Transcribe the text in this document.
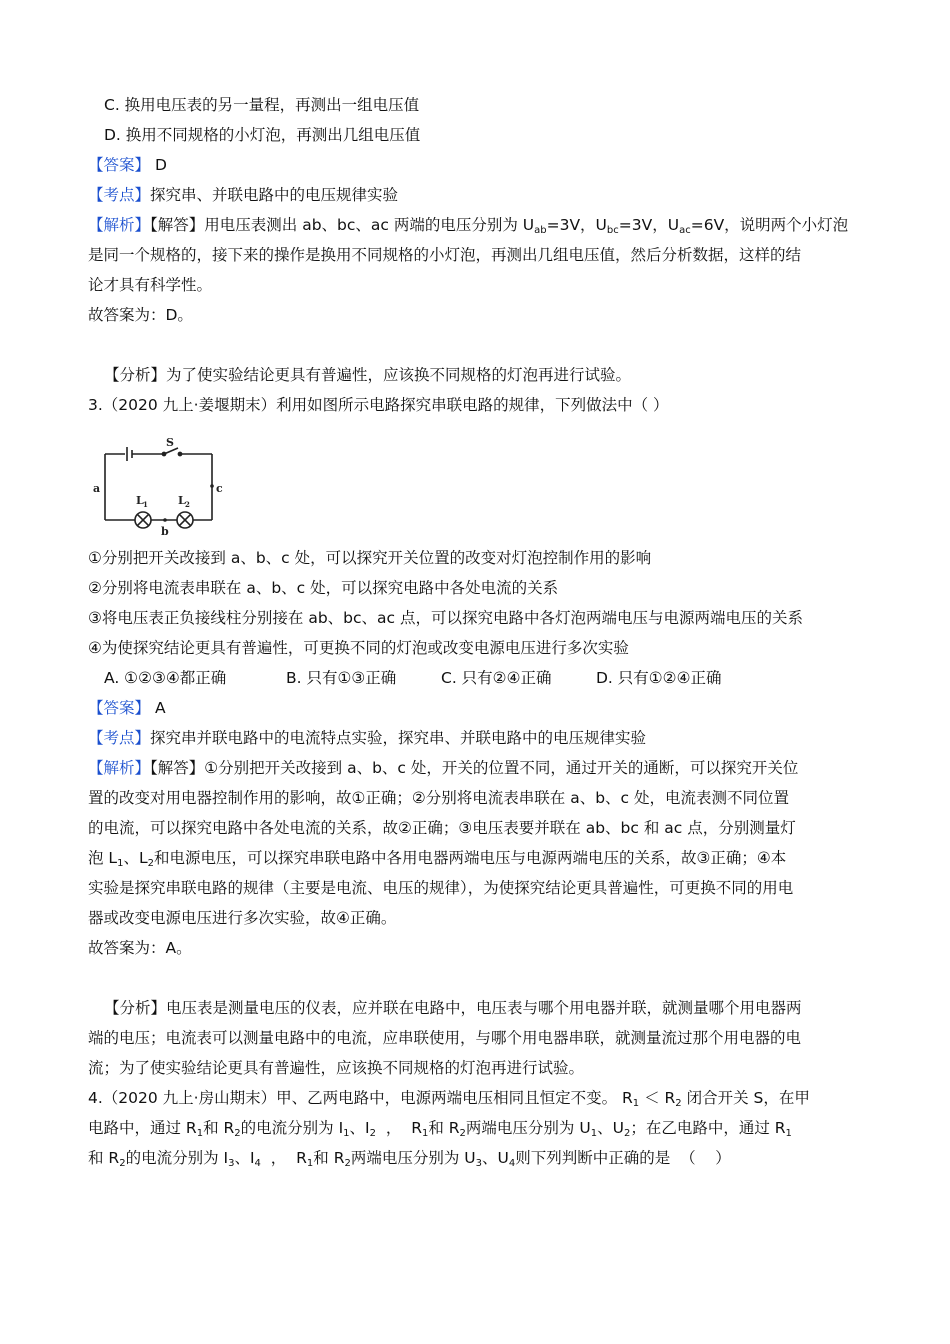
C. 换用电压表的另一量程，再测出一组电压值
D. 换用不同规格的小灯泡，再测出几组电压值
【答案】 D
【考点】探究串、并联电路中的电压规律实验
【解析】【解答】用电压表测出 ab、bc、ac 两端的电压分别为 $U_{ab}=3V$，$U_{bc}=3V$，$U_{ac}=6V$，说明两个小灯泡
是同一个规格的，接下来的操作是换用不同规格的小灯泡，再测出几组电压值，然后分析数据，这样的结
论才具有科学性。
故答案为：D。
【分析】为了使实验结论更具有普遍性，应该换不同规格的灯泡再进行试验。
3.（2020 九上·姜堰期末）利用如图所示电路探究串联电路的规律，下列做法中（ ）
S
a
b
c
L 1	L 2
①分别把开关改接到 a、b、c 处，可以探究开关位置的改变对灯泡控制作用的影响
②分别将电流表串联在 a、b、c 处，可以探究电路中各处电流的关系
③将电压表正负接线柱分别接在 ab、bc、ac 点，可以探究电路中各灯泡两端电压与电源两端电压的关系
④为使探究结论更具有普遍性，可更换不同的灯泡或改变电源电压进行多次实验
A. ①②③④都正确	B. 只有①③正确	C. 只有②④正确	D. 只有①②④正确
【答案】 A
【考点】探究串并联电路中的电流特点实验，探究串、并联电路中的电压规律实验
【解析】【解答】①分别把开关改接到 a、b、c 处，开关的位置不同，通过开关的通断，可以探究开关位
置的改变对用电器控制作用的影响，故①正确；②分别将电流表串联在 a、b、c 处，电流表测不同位置
的电流，可以探究电路中各处电流的关系，故②正确；③电压表要并联在 ab、bc 和 ac 点，分别测量灯
泡 $L_1$、$L_2$和电源电压，可以探究串联电路中各用电器两端电压与电源两端电压的关系，故③正确；④本
实验是探究串联电路的规律（主要是电流、电压的规律），为使探究结论更具普遍性，可更换不同的用电
器或改变电源电压进行多次实验，故④正确。
故答案为：A。
【分析】电压表是测量电压的仪表，应并联在电路中，电压表与哪个用电器并联，就测量哪个用电器两
端的电压；电流表可以测量电路中的电流，应串联使用，与哪个用电器串联，就测量流过那个用电器的电
流；为了使实验结论更具有普遍性，应该换不同规格的灯泡再进行试验。
4.（2020 九上·房山期末）甲、乙两电路中，电源两端电压相同且恒定不变。 $R_1 < R_2$ 闭合开关 S，在甲
电路中，通过 $R_1$和 $R_2$的电流分别为 $I_1$、$I_2$  ，  $R_1$和 $R_2$两端电压分别为 $U_1$、$U_2$；在乙电路中，通过 $R_1$
和 $R_2$的电流分别为 $I_3$、$I_4$  ，  $R_1$和 $R_2$两端电压分别为 $U_3$、$U_4$则下列判断中正确的是  （    ）
